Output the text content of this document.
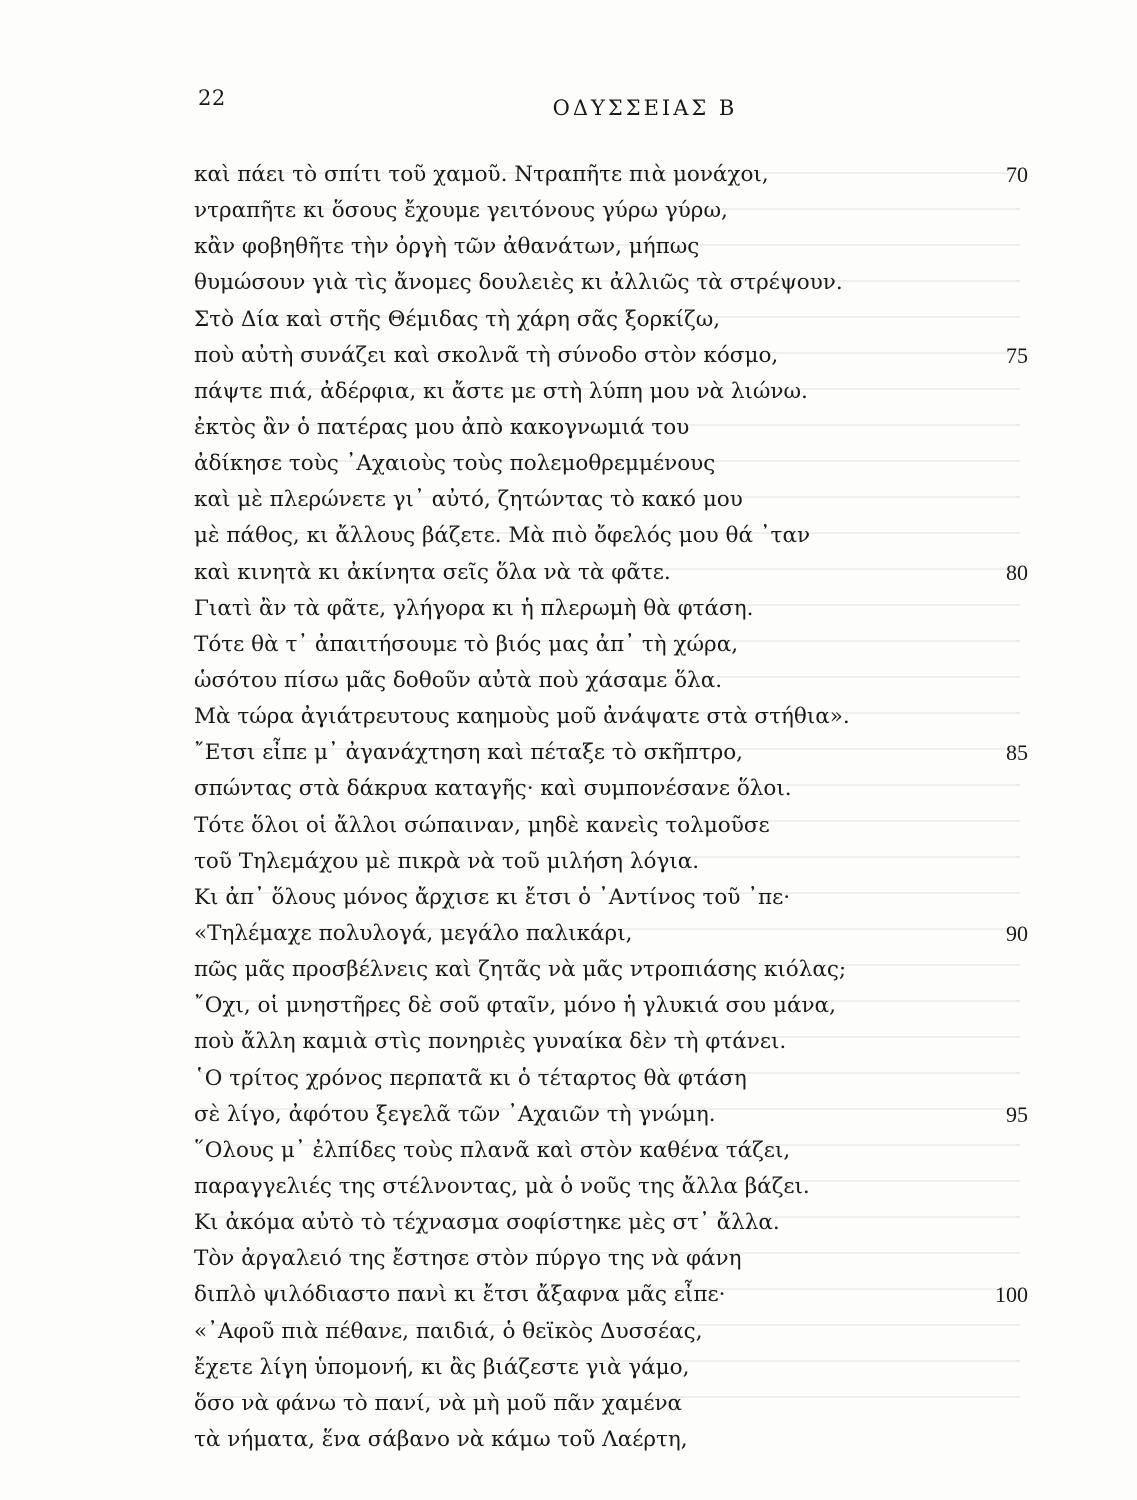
22	ΟΔΥΣΣΕΙΑΣ Β
καὶ πάει τὸ σπίτι τοῦ χαμοῦ. Ντραπῆτε πιὰ μονάχοι,	70
ντραπῆτε κι ὅσους ἔχουμε γειτόνους γύρω γύρω,
κἂν φοβηθῆτε τὴν ὀργὴ τῶν ἀθανάτων, μήπως
θυμώσουν γιὰ τὶς ἄνομες δουλειὲς κι ἀλλιῶς τὰ στρέψουν.
Στὸ Δία καὶ στῆς Θέμιδας τὴ χάρη σᾶς ξορκίζω,
ποὺ αὐτὴ συνάζει καὶ σκολνᾶ τὴ σύνοδο στὸν κόσμο,	75
πάψτε πιά, ἀδέρφια, κι ἄστε με στὴ λύπη μου νὰ λιώνω.
ἐκτὸς ἂν ὁ πατέρας μου ἀπὸ κακογνωμιά του
ἀδίκησε τοὺς ᾿Αχαιοὺς τοὺς πολεμοθρεμμένους
καὶ μὲ πλερώνετε γι᾿ αὐτό, ζητώντας τὸ κακό μου
μὲ πάθος, κι ἄλλους βάζετε. Μὰ πιὸ ὄφελός μου θά ᾿ταν
καὶ κινητὰ κι ἀκίνητα σεῖς ὅλα νὰ τὰ φᾶτε.	80
Γιατὶ ἂν τὰ φᾶτε, γλήγορα κι ἡ πλερωμὴ θὰ φτάση.
Τότε θὰ τ᾿ ἀπαιτήσουμε τὸ βιός μας ἀπ᾿ τὴ χώρα,
ὡσότου πίσω μᾶς δοθοῦν αὐτὰ ποὺ χάσαμε ὅλα.
Μὰ τώρα ἀγιάτρευτους καημοὺς μοῦ ἀνάψατε στὰ στήθια».
῎Ετσι εἶπε μ᾿ ἀγανάχτηση καὶ πέταξε τὸ σκῆπτρο,	85
σπώντας στὰ δάκρυα καταγῆς· καὶ συμπονέσανε ὅλοι.
Τότε ὅλοι οἱ ἄλλοι σώπαιναν, μηδὲ κανεὶς τολμοῦσε
τοῦ Τηλεμάχου μὲ πικρὰ νὰ τοῦ μιλήση λόγια.
Κι ἀπ᾿ ὅλους μόνος ἄρχισε κι ἔτσι ὁ ᾿Αντίνος τοῦ ᾿πε·
«Τηλέμαχε πολυλογά, μεγάλο παλικάρι,	90
πῶς μᾶς προσβέλνεις καὶ ζητᾶς νὰ μᾶς ντροπιάσης κιόλας;
῎Οχι, οἱ μνηστῆρες δὲ σοῦ φταῖν, μόνο ἡ γλυκιά σου μάνα,
ποὺ ἄλλη καμιὰ στὶς πονηριὲς γυναίκα δὲν τὴ φτάνει.
῾Ο τρίτος χρόνος περπατᾶ κι ὁ τέταρτος θὰ φτάση
σὲ λίγο, ἀφότου ξεγελᾶ τῶν ᾿Αχαιῶν τὴ γνώμη.	95
῞Ολους μ᾿ ἐλπίδες τοὺς πλανᾶ καὶ στὸν καθένα τάζει,
παραγγελιές της στέλνοντας, μὰ ὁ νοῦς της ἄλλα βάζει.
Κι ἀκόμα αὐτὸ τὸ τέχνασμα σοφίστηκε μὲς στ᾿ ἄλλα.
Τὸν ἀργαλειό της ἔστησε στὸν πύργο της νὰ φάνη
διπλὸ ψιλόδιαστο πανὶ κι ἔτσι ἄξαφνα μᾶς εἶπε·	100
«᾿Αφοῦ πιὰ πέθανε, παιδιά, ὁ θεϊκὸς Δυσσέας,
ἔχετε λίγη ὑπομονή, κι ἂς βιάζεστε γιὰ γάμο,
ὅσο νὰ φάνω τὸ πανί, νὰ μὴ μοῦ πᾶν χαμένα
τὰ νήματα, ἕνα σάβανο νὰ κάμω τοῦ Λαέρτη,
